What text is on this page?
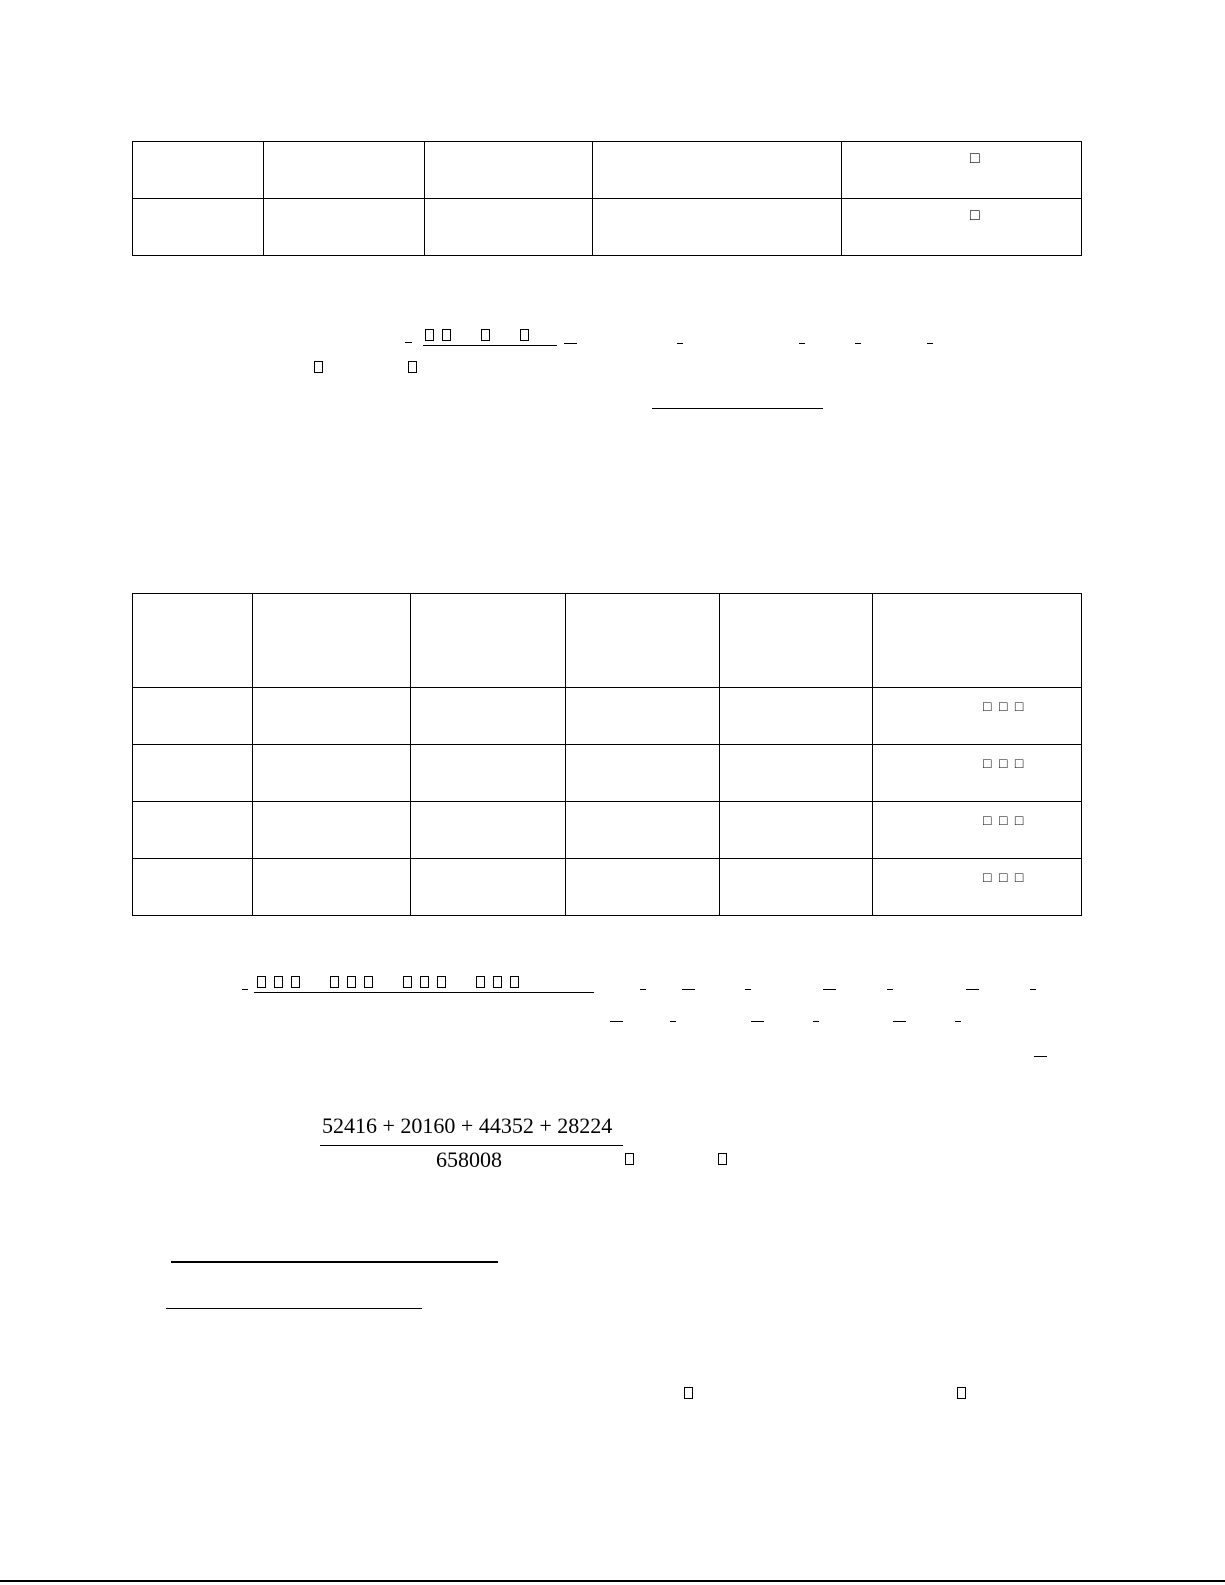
				□

				□

					□ □ □

					□ □ □

					□ □ □

					□ □ □
52416 + 20160 + 44352 + 28224
658008
